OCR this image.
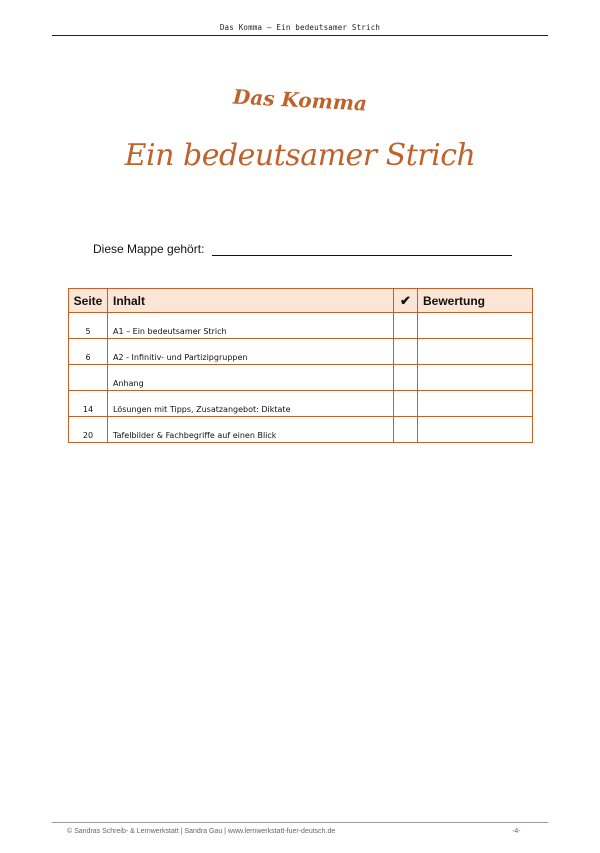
Das Komma – Ein bedeutsamer Strich
Das Komma
Ein bedeutsamer Strich
Diese Mappe gehört:
Seite	Inhalt	✔	Bewertung
5	A1 – Ein bedeutsamer Strich		
6	A2 - Infinitiv- und Partizipgruppen		
	Anhang		
14	Lösungen mit Tipps, Zusatzangebot: Diktate		
20	Tafelbilder & Fachbegriffe auf einen Blick		
© Sandras Schreib- & Lernwerkstatt | Sandra Gau | www.lernwerkstatt-fuer-deutsch.de	-4-
